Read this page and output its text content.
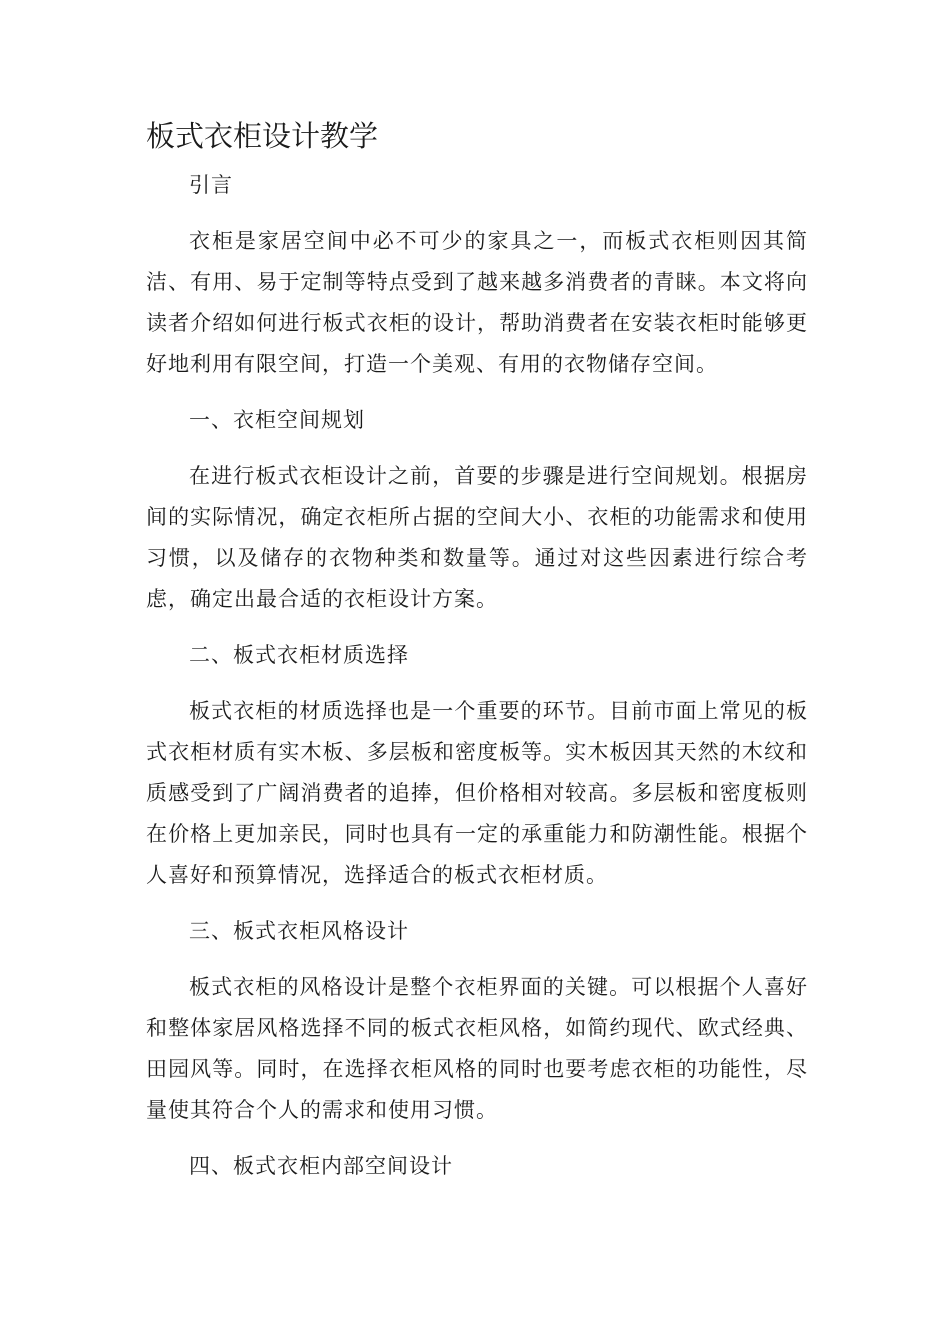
板式衣柜设计教学

引言

衣柜是家居空间中必不可少的家具之一，而板式衣柜则因其简洁、有用、易于定制等特点受到了越来越多消费者的青睐。本文将向读者介绍如何进行板式衣柜的设计，帮助消费者在安装衣柜时能够更好地利用有限空间，打造一个美观、有用的衣物储存空间。

一、衣柜空间规划

在进行板式衣柜设计之前，首要的步骤是进行空间规划。根据房间的实际情况，确定衣柜所占据的空间大小、衣柜的功能需求和使用习惯，以及储存的衣物种类和数量等。通过对这些因素进行综合考虑，确定出最合适的衣柜设计方案。

二、板式衣柜材质选择

板式衣柜的材质选择也是一个重要的环节。目前市面上常见的板式衣柜材质有实木板、多层板和密度板等。实木板因其天然的木纹和质感受到了广阔消费者的追捧，但价格相对较高。多层板和密度板则在价格上更加亲民，同时也具有一定的承重能力和防潮性能。根据个人喜好和预算情况，选择适合的板式衣柜材质。

三、板式衣柜风格设计

板式衣柜的风格设计是整个衣柜界面的关键。可以根据个人喜好和整体家居风格选择不同的板式衣柜风格，如简约现代、欧式经典、田园风等。同时，在选择衣柜风格的同时也要考虑衣柜的功能性，尽量使其符合个人的需求和使用习惯。

四、板式衣柜内部空间设计
